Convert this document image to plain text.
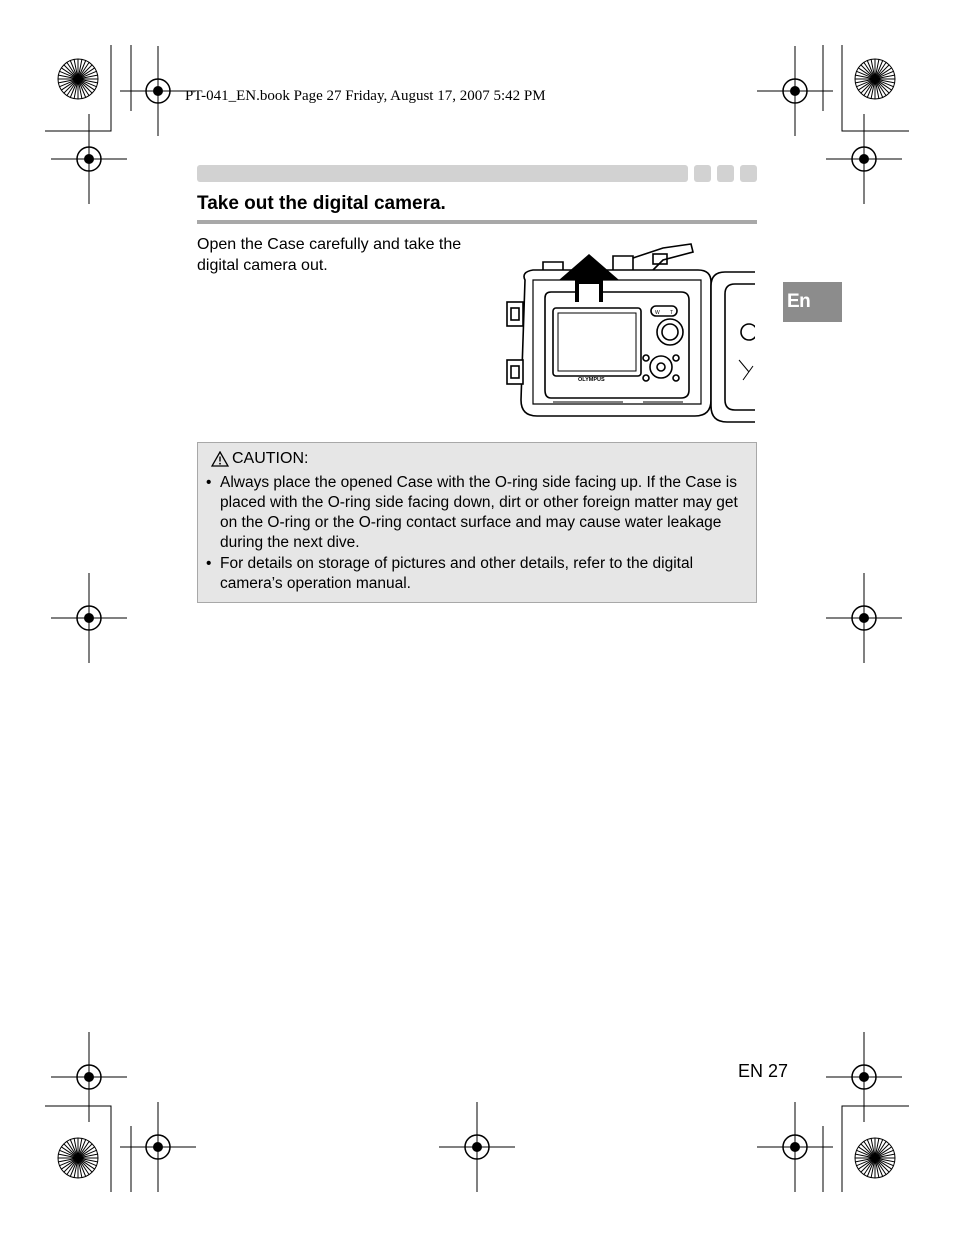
PT-041_EN.book Page 27 Friday, August 17, 2007 5:42 PM
Take out the digital camera.
Open the Case carefully and take the digital camera out.
En
OLYMPUS
W T
CAUTION:
• Always place the opened Case with the O-ring side facing up. If the Case is placed with the O-ring side facing down, dirt or other foreign matter may get on the O-ring or the O-ring contact surface and may cause water leakage during the next dive.
• For details on storage of pictures and other details, refer to the digital camera’s operation manual.
EN 27
